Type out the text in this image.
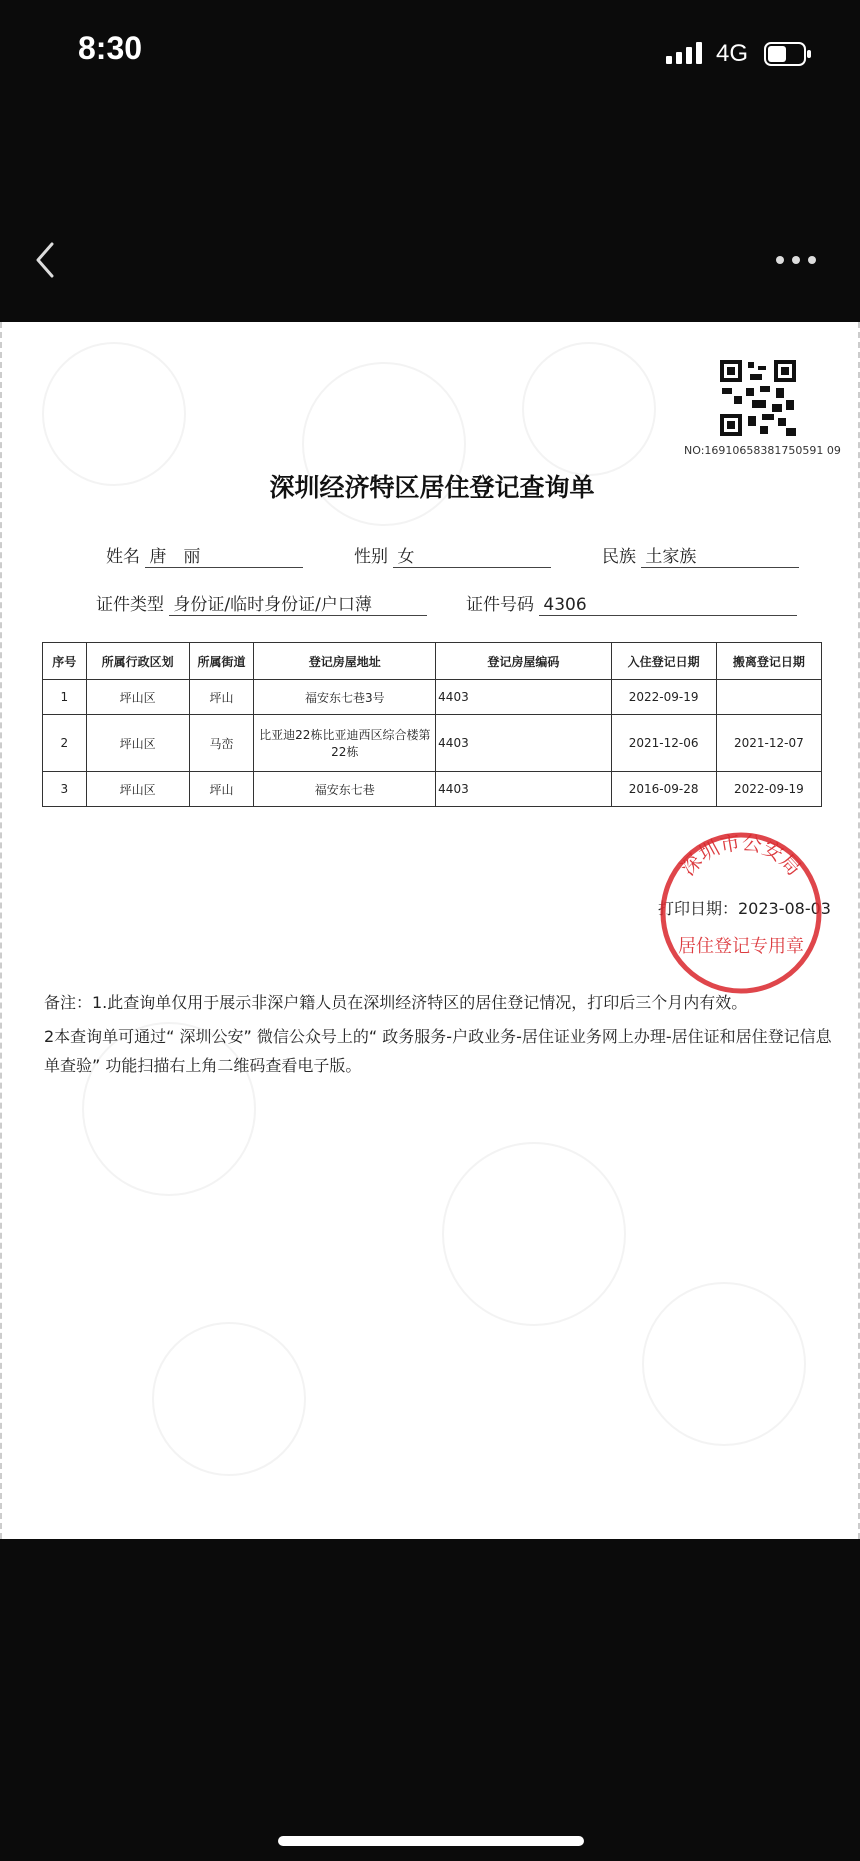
8:30	4G
NO:16910658381750591 09
深圳经济特区居住登记查询单
姓名 唐　丽	性别 女	民族 土家族
证件类型 身份证/临时身份证/户口薄	证件号码 4306
序号	所属行政区划	所属街道	登记房屋地址	登记房屋编码	入住登记日期	搬离登记日期
1	坪山区	坪山	福安东七巷3号	4403	2022-09-19	
2	坪山区	马峦	比亚迪22栋比亚迪西区综合楼第22栋	4403	2021-12-06	2021-12-07
3	坪山区	坪山	福安东七巷	4403	2016-09-28	2022-09-19
打印日期：2023-08-03
深圳市公安局
居住登记专用章
备注：1.此查询单仅用于展示非深户籍人员在深圳经济特区的居住登记情况，打印后三个月内有效。
2本查询单可通过“ 深圳公安” 微信公众号上的“ 政务服务-户政业务-居住证业务网上办理-居住证和居住登记信息单查验” 功能扫描右上角二维码查看电子版。
